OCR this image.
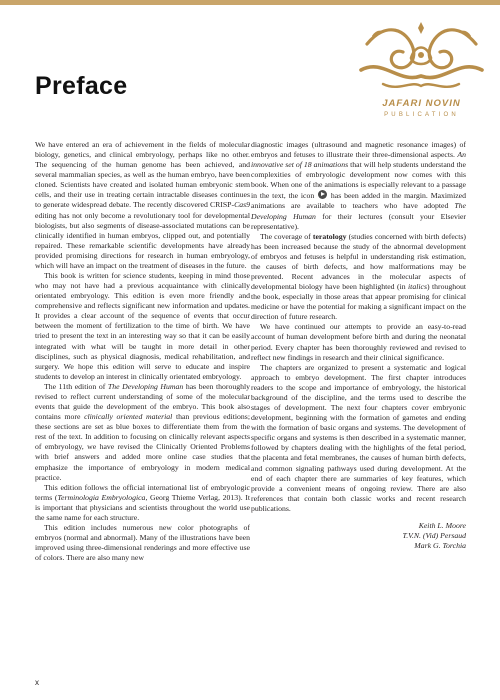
JAFARI NOVIN
PUBLICATION
Preface

We have entered an era of achievement in the fields of molecular biology, genetics, and clinical embryology, perhaps like no other. The sequencing of the human genome has been achieved, and several mammalian species, as well as the human embryo, have been cloned. Scientists have created and isolated human embryonic stem cells, and their use in treating certain intractable diseases continues to generate widespread debate. The recently discovered CRISP-Cas9 editing has not only become a revolutionary tool for developmental biologists, but also segments of disease-associated mutations can be clinically identified in human embryos, clipped out, and potentially repaired. These remarkable scientific developments have already provided promising directions for research in human embryology, which will have an impact on the treatment of diseases in the future.

This book is written for science students, keeping in mind those who may not have had a previous acquaintance with clinically orientated embryology. This edition is even more friendly and comprehensive and reflects significant new information and updates. It provides a clear account of the sequence of events that occur between the moment of fertilization to the time of birth. We have tried to present the text in an interesting way so that it can be easily integrated with what will be taught in more detail in other disciplines, such as physical diagnosis, medical rehabilitation, and surgery. We hope this edition will serve to educate and inspire students to develop an interest in clinically orientated embryology.

The 11th edition of The Developing Human has been thoroughly revised to reflect current understanding of some of the molecular events that guide the development of the embryo. This book also contains more clinically oriented material than previous editions; these sections are set as blue boxes to differentiate them from the rest of the text. In addition to focusing on clinically relevant aspects of embryology, we have revised the Clinically Oriented Problems with brief answers and added more online case studies that emphasize the importance of embryology in modern medical practice.

This edition follows the official international list of embryologic terms (Terminologia Embryologica, Georg Thieme Verlag, 2013). It is important that physicians and scientists throughout the world use the same name for each structure.

This edition includes numerous new color photographs of embryos (normal and abnormal). Many of the illustrations have been improved using three-dimensional renderings and more effective use of colors. There are also many new

diagnostic images (ultrasound and magnetic resonance images) of embryos and fetuses to illustrate their three-dimensional aspects. An innovative set of 18 animations that will help students understand the complexities of embryologic development now comes with this book. When one of the animations is especially relevant to a passage in the text, the icon  has been added in the margin. Maximized animations are available to teachers who have adopted The Developing Human for their lectures (consult your Elsevier representative).

The coverage of teratology (studies concerned with birth defects) has been increased because the study of the abnormal development of embryos and fetuses is helpful in understanding risk estimation, the causes of birth defects, and how malformations may be prevented. Recent advances in the molecular aspects of developmental biology have been highlighted (in italics) throughout the book, especially in those areas that appear promising for clinical medicine or have the potential for making a significant impact on the direction of future research.

We have continued our attempts to provide an easy-to-read account of human development before birth and during the neonatal period. Every chapter has been thoroughly reviewed and revised to reflect new findings in research and their clinical significance.

The chapters are organized to present a systematic and logical approach to embryo development. The first chapter introduces readers to the scope and importance of embryology, the historical background of the discipline, and the terms used to describe the stages of development. The next four chapters cover embryonic development, beginning with the formation of gametes and ending with the formation of basic organs and systems. The development of specific organs and systems is then described in a systematic manner, followed by chapters dealing with the highlights of the fetal period, the placenta and fetal membranes, the causes of human birth defects, and common signaling pathways used during development. At the end of each chapter there are summaries of key features, which provide a convenient means of ongoing review. There are also references that contain both classic works and recent research publications.

Keith L. Moore

T.V.N. (Vid) Persaud

Mark G. Torchia

x
